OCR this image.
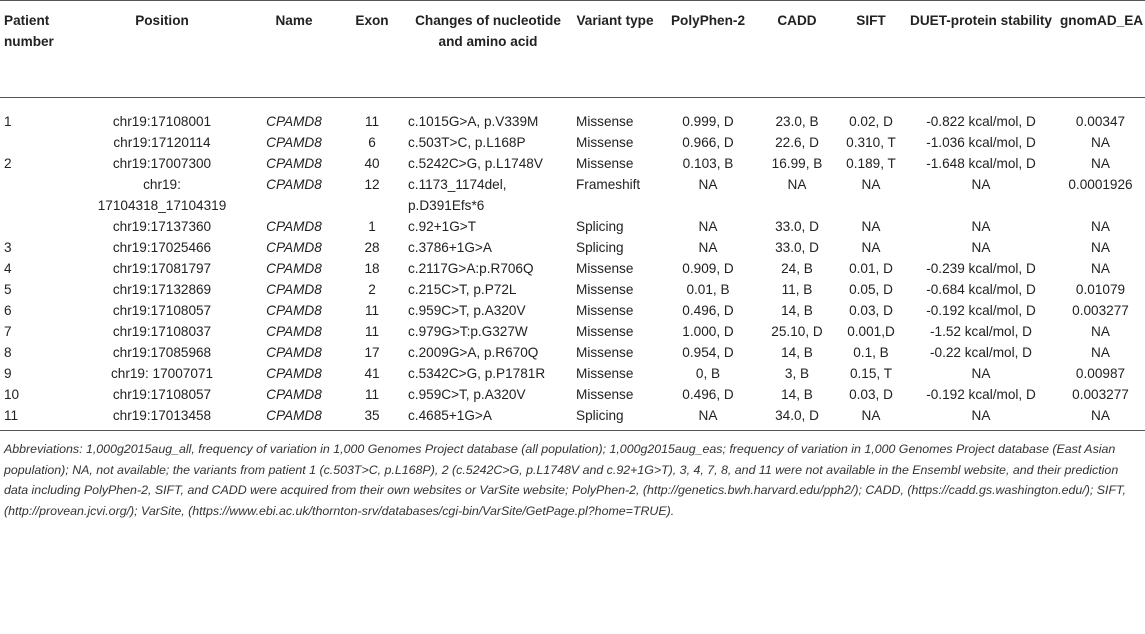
Patient number	Position	Name	Exon	Changes of nucleotide and amino acid	Variant type	PolyPhen-2	CADD	SIFT	DUET-protein stability	gnomAD_EA
1	chr19:17108001	CPAMD8	11	c.1015G>A, p.V339M	Missense	0.999, D	23.0, B	0.02, D	-0.822 kcal/mol, D	0.00347
	chr19:17120114	CPAMD8	6	c.503T>C, p.L168P	Missense	0.966, D	22.6, D	0.310, T	-1.036 kcal/mol, D	NA
2	chr19:17007300	CPAMD8	40	c.5242C>G, p.L1748V	Missense	0.103, B	16.99, B	0.189, T	-1.648 kcal/mol, D	NA
	chr19: 17104318_17104319	CPAMD8	12	c.1173_1174del, p.D391Efs*6	Frameshift	NA	NA	NA	NA	0.0001926
	chr19:17137360	CPAMD8	1	c.92+1G>T	Splicing	NA	33.0, D	NA	NA	NA
3	chr19:17025466	CPAMD8	28	c.3786+1G>A	Splicing	NA	33.0, D	NA	NA	NA
4	chr19:17081797	CPAMD8	18	c.2117G>A:p.R706Q	Missense	0.909, D	24, B	0.01, D	-0.239 kcal/mol, D	NA
5	chr19:17132869	CPAMD8	2	c.215C>T, p.P72L	Missense	0.01, B	11, B	0.05, D	-0.684 kcal/mol, D	0.01079
6	chr19:17108057	CPAMD8	11	c.959C>T, p.A320V	Missense	0.496, D	14, B	0.03, D	-0.192 kcal/mol, D	0.003277
7	chr19:17108037	CPAMD8	11	c.979G>T:p.G327W	Missense	1.000, D	25.10, D	0.001,D	-1.52 kcal/mol, D	NA
8	chr19:17085968	CPAMD8	17	c.2009G>A, p.R670Q	Missense	0.954, D	14, B	0.1, B	-0.22 kcal/mol, D	NA
9	chr19: 17007071	CPAMD8	41	c.5342C>G, p.P1781R	Missense	0, B	3, B	0.15, T	NA	0.00987
10	chr19:17108057	CPAMD8	11	c.959C>T, p.A320V	Missense	0.496, D	14, B	0.03, D	-0.192 kcal/mol, D	0.003277
11	chr19:17013458	CPAMD8	35	c.4685+1G>A	Splicing	NA	34.0, D	NA	NA	NA
Abbreviations: 1,000g2015aug_all, frequency of variation in 1,000 Genomes Project database (all population); 1,000g2015aug_eas; frequency of variation in 1,000 Genomes Project database (East Asian population); NA, not available; the variants from patient 1 (c.503T>C, p.L168P), 2 (c.5242C>G, p.L1748V and c.92+1G>T), 3, 4, 7, 8, and 11 were not available in the Ensembl website, and their prediction data including PolyPhen-2, SIFT, and CADD were acquired from their own websites or VarSite website; PolyPhen-2, (http://genetics.bwh.harvard.edu/pph2/); CADD, (https://cadd.gs.washington.edu/); SIFT, (http://provean.jcvi.org/); VarSite, (https://www.ebi.ac.uk/thornton-srv/databases/cgi-bin/VarSite/GetPage.pl?home=TRUE).
